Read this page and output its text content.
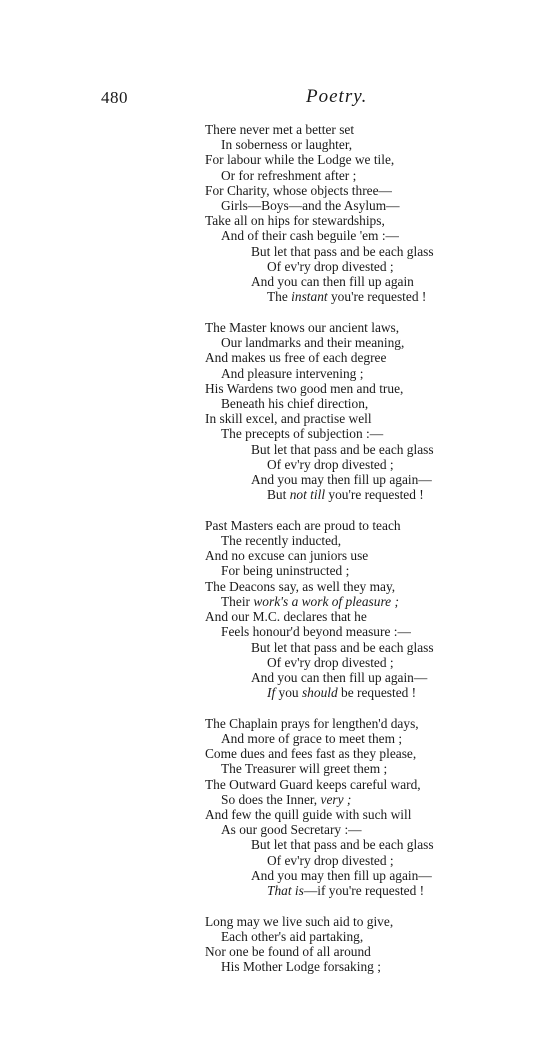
480	Poetry.
There never met a better set
In soberness or laughter,
For labour while the Lodge we tile,
Or for refreshment after ;
For Charity, whose objects three—
Girls—Boys—and the Asylum—
Take all on hips for stewardships,
And of their cash beguile 'em :—
But let that pass and be each glass
Of ev'ry drop divested ;
And you can then fill up again
The instant you're requested !
The Master knows our ancient laws,
Our landmarks and their meaning,
And makes us free of each degree
And pleasure intervening ;
His Wardens two good men and true,
Beneath his chief direction,
In skill excel, and practise well
The precepts of subjection :—
But let that pass and be each glass
Of ev'ry drop divested ;
And you may then fill up again—
But not till you're requested !
Past Masters each are proud to teach
The recently inducted,
And no excuse can juniors use
For being uninstructed ;
The Deacons say, as well they may,
Their work's a work of pleasure ;
And our M.C. declares that he
Feels honour'd beyond measure :—
But let that pass and be each glass
Of ev'ry drop divested ;
And you can then fill up again—
If you should be requested !
The Chaplain prays for lengthen'd days,
And more of grace to meet them ;
Come dues and fees fast as they please,
The Treasurer will greet them ;
The Outward Guard keeps careful ward,
So does the Inner, very ;
And few the quill guide with such will
As our good Secretary :—
But let that pass and be each glass
Of ev'ry drop divested ;
And you may then fill up again—
That is—if you're requested !
Long may we live such aid to give,
Each other's aid partaking,
Nor one be found of all around
His Mother Lodge forsaking ;
